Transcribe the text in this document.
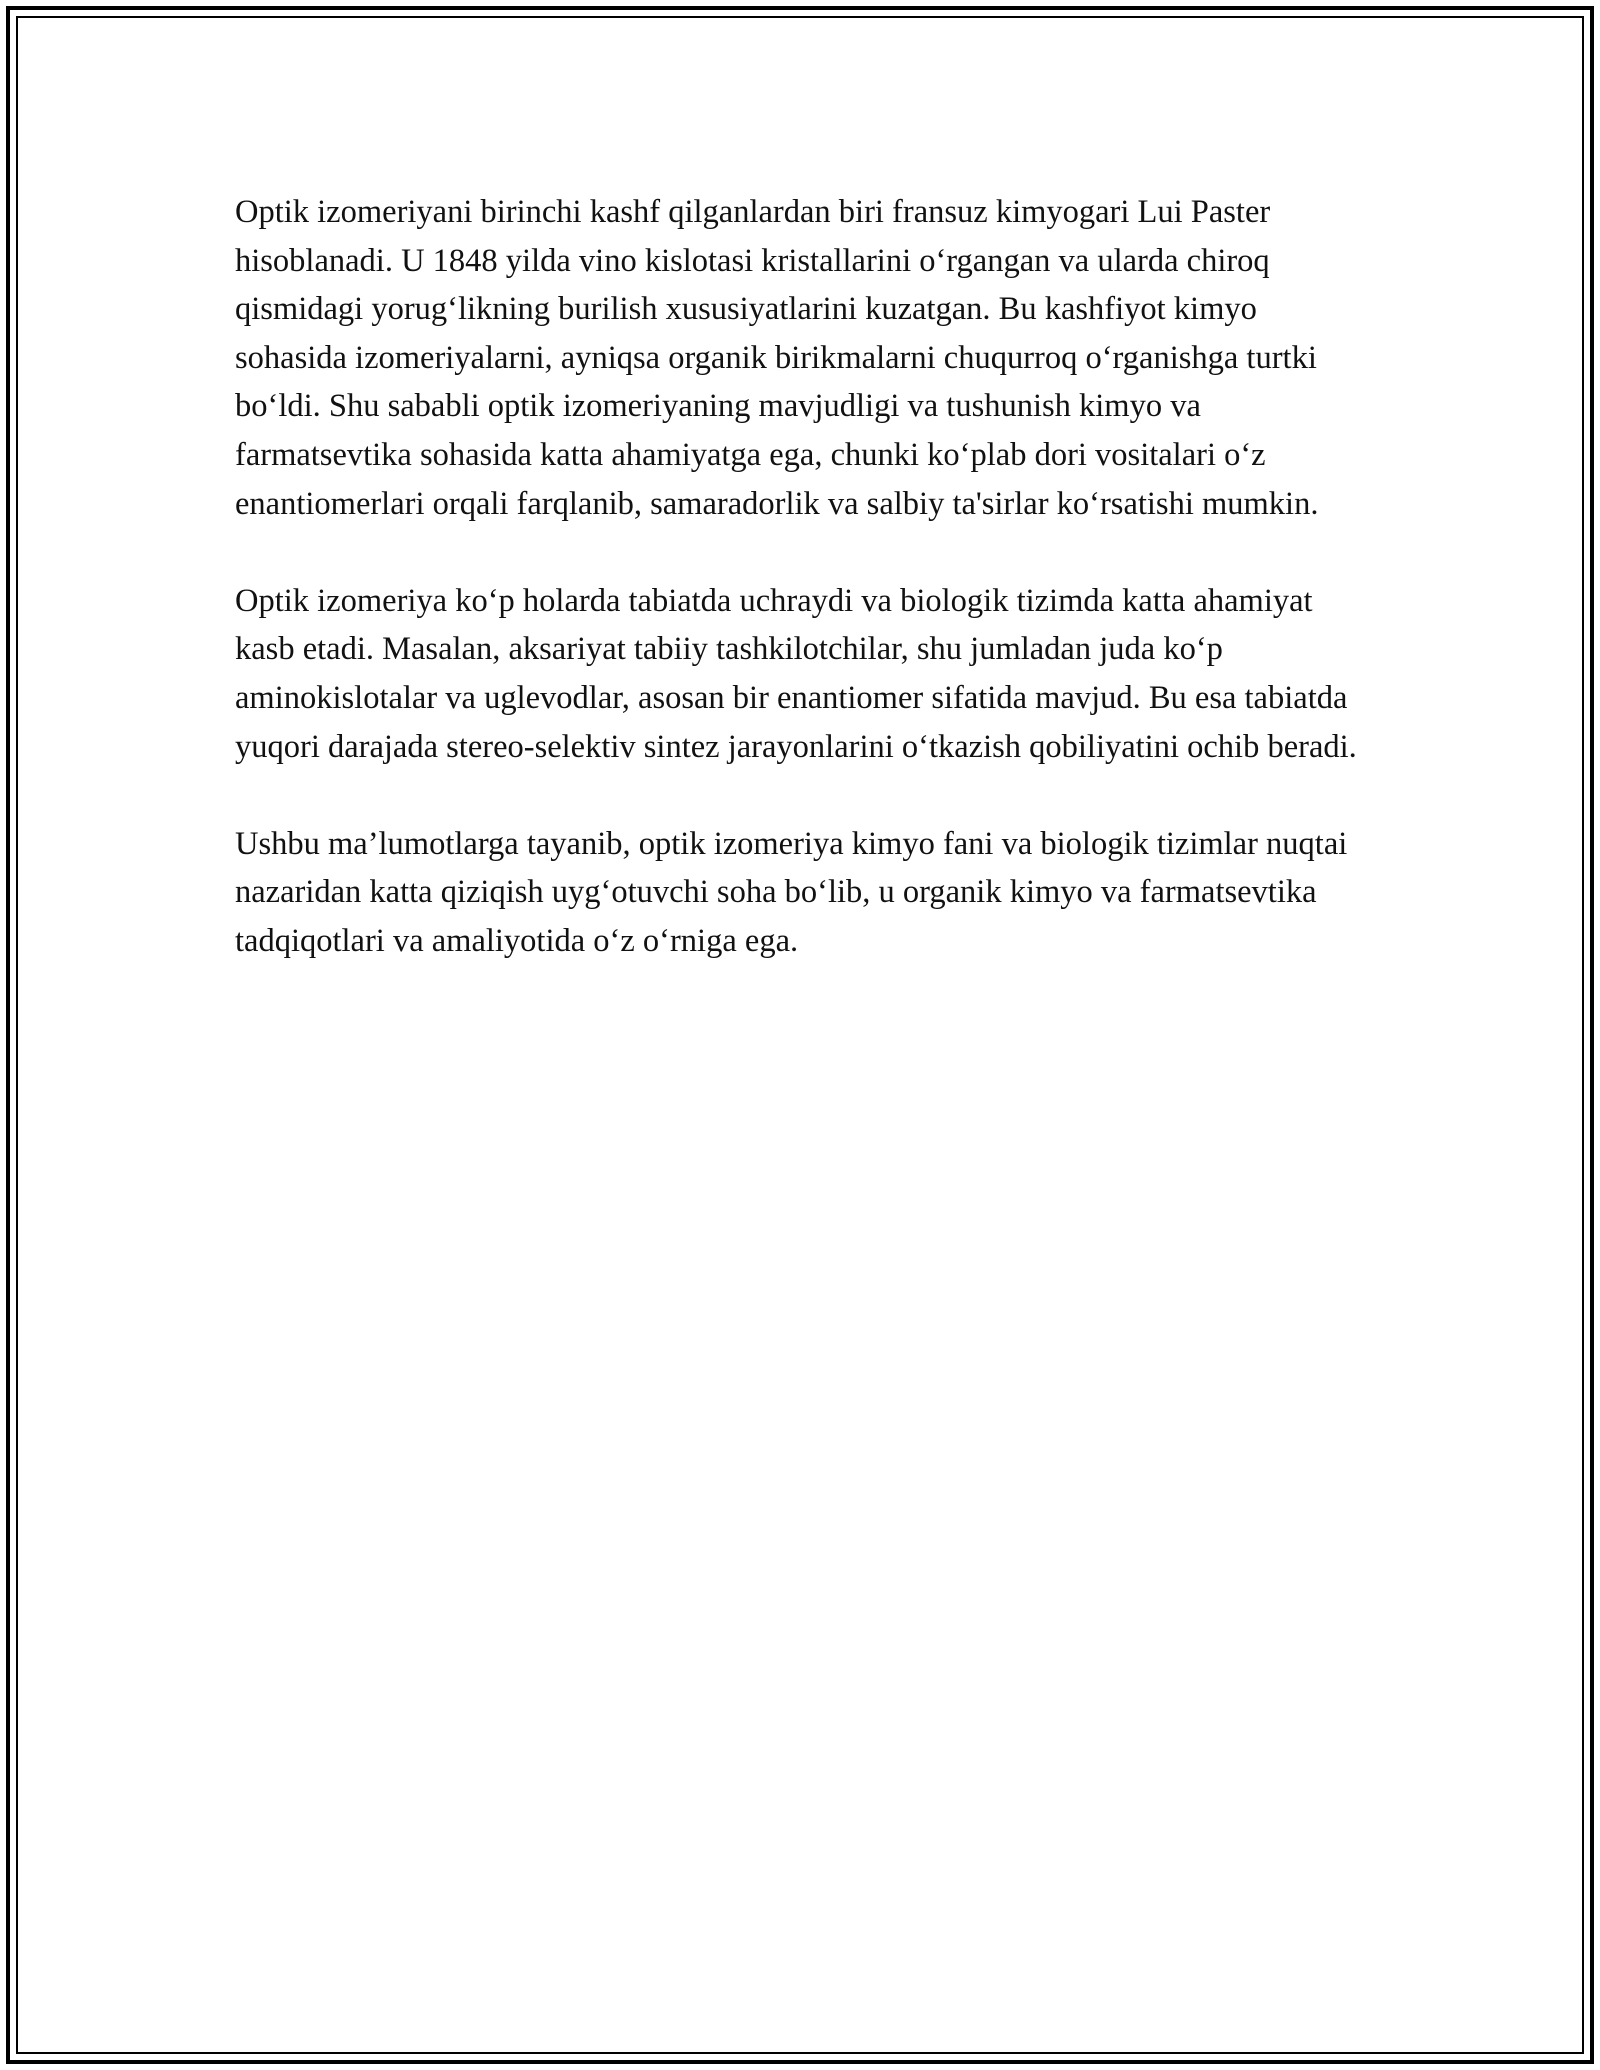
Optik izomeriyani birinchi kashf qilganlardan biri fransuz kimyogari Lui Paster hisoblanadi. U 1848 yilda vino kislotasi kristallarini oʻrgangan va ularda chiroq qismidagi yorugʻlikning burilish xususiyatlarini kuzatgan. Bu kashfiyot kimyo sohasida izomeriyalarni, ayniqsa organik birikmalarni chuqurroq oʻrganishga turtki boʻldi. Shu sababli optik izomeriyaning mavjudligi va tushunish kimyo va farmatsevtika sohasida katta ahamiyatga ega, chunki koʻplab dori vositalari oʻz enantiomerlari orqali farqlanib, samaradorlik va salbiy ta'sirlar koʻrsatishi mumkin.

Optik izomeriya koʻp holarda tabiatda uchraydi va biologik tizimda katta ahamiyat kasb etadi. Masalan, aksariyat tabiiy tashkilotchilar, shu jumladan juda koʻp aminokislotalar va uglevodlar, asosan bir enantiomer sifatida mavjud. Bu esa tabiatda yuqori darajada stereo-selektiv sintez jarayonlarini oʻtkazish qobiliyatini ochib beradi.

Ushbu ma’lumotlarga tayanib, optik izomeriya kimyo fani va biologik tizimlar nuqtai nazaridan katta qiziqish uygʻotuvchi soha boʻlib, u organik kimyo va farmatsevtika tadqiqotlari va amaliyotida oʻz oʻrniga ega.
